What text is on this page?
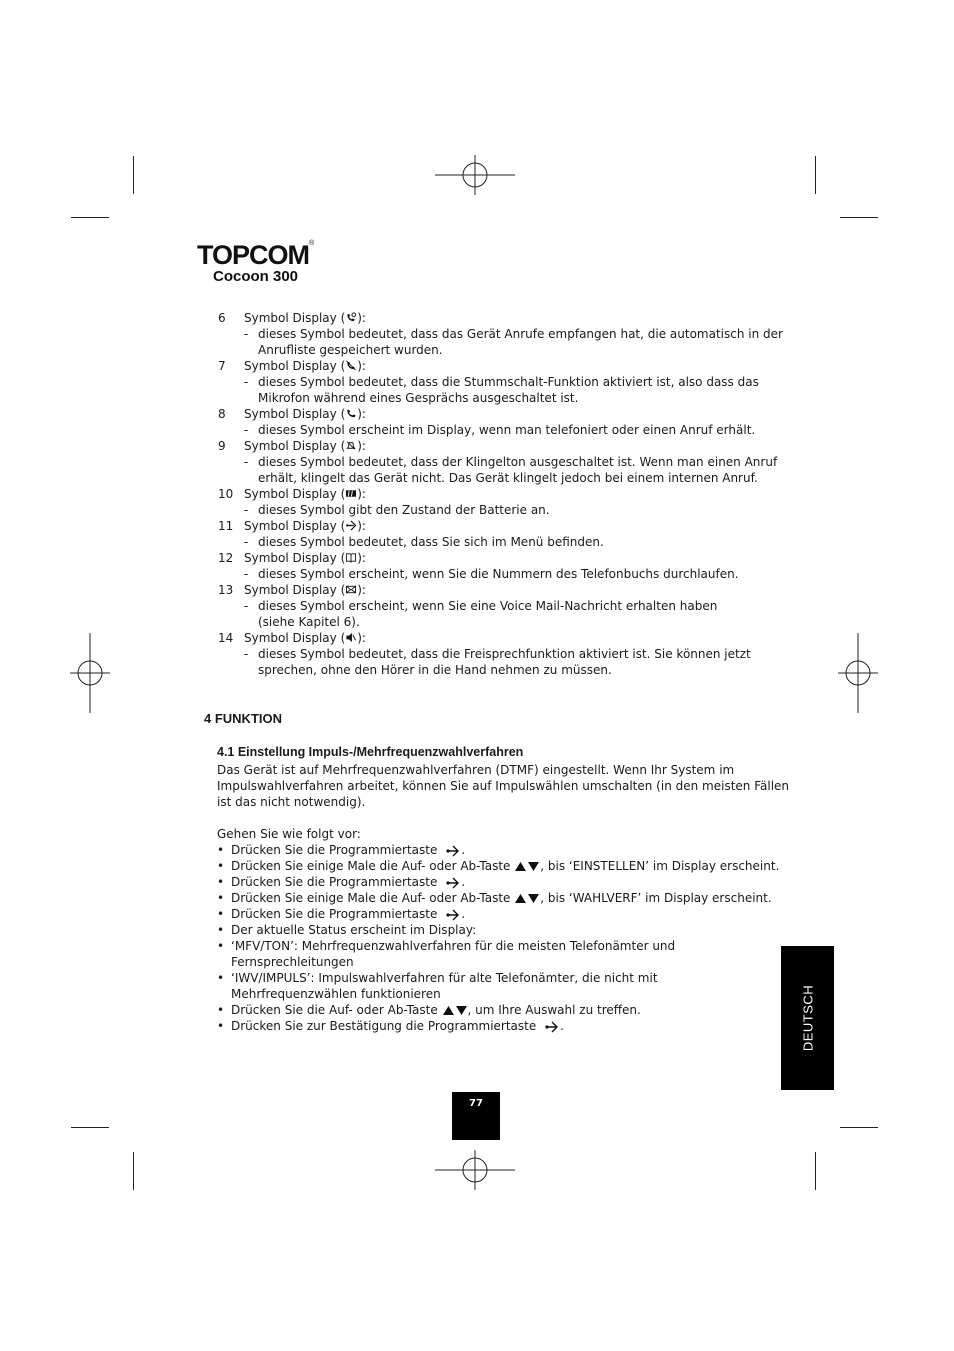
TOPCOM®
Cocoon 300
6 Symbol Display ( ):
- dieses Symbol bedeutet, dass das Gerät Anrufe empfangen hat, die automatisch in der
Anrufliste gespeichert wurden.
7 Symbol Display ( ):
- dieses Symbol bedeutet, dass die Stummschalt-Funktion aktiviert ist, also dass das
Mikrofon während eines Gesprächs ausgeschaltet ist.
8 Symbol Display ( ):
- dieses Symbol erscheint im Display, wenn man telefoniert oder einen Anruf erhält.
9 Symbol Display ( ):
- dieses Symbol bedeutet, dass der Klingelton ausgeschaltet ist. Wenn man einen Anruf
erhält, klingelt das Gerät nicht. Das Gerät klingelt jedoch bei einem internen Anruf.
10 Symbol Display ( ):
- dieses Symbol gibt den Zustand der Batterie an.
11 Symbol Display ( ):
- dieses Symbol bedeutet, dass Sie sich im Menü befinden.
12 Symbol Display ( ):
- dieses Symbol erscheint, wenn Sie die Nummern des Telefonbuchs durchlaufen.
13 Symbol Display ( ):
- dieses Symbol erscheint, wenn Sie eine Voice Mail-Nachricht erhalten haben
(siehe Kapitel 6).
14 Symbol Display ( ):
- dieses Symbol bedeutet, dass die Freisprechfunktion aktiviert ist. Sie können jetzt
sprechen, ohne den Hörer in die Hand nehmen zu müssen.
4 FUNKTION
4.1 Einstellung Impuls-/Mehrfrequenzwahlverfahren
Das Gerät ist auf Mehrfrequenzwahlverfahren (DTMF) eingestellt. Wenn Ihr System im
Impulswahlverfahren arbeitet, können Sie auf Impulswählen umschalten (in den meisten Fällen
ist das nicht notwendig).
Gehen Sie wie folgt vor:
• Drücken Sie die Programmiertaste .
• Drücken Sie einige Male die Auf- oder Ab-Taste , bis ‘EINSTELLEN’ im Display erscheint.
• Drücken Sie die Programmiertaste .
• Drücken Sie einige Male die Auf- oder Ab-Taste , bis ‘WAHLVERF’ im Display erscheint.
• Drücken Sie die Programmiertaste .
• Der aktuelle Status erscheint im Display:
• ‘MFV/TON’: Mehrfrequenzwahlverfahren für die meisten Telefonämter und
Fernsprechleitungen
• ‘IWV/IMPULS’: Impulswahlverfahren für alte Telefonämter, die nicht mit
Mehrfrequenzwählen funktionieren
• Drücken Sie die Auf- oder Ab-Taste , um Ihre Auswahl zu treffen.
• Drücken Sie zur Bestätigung die Programmiertaste .	DEUTSCH
77
